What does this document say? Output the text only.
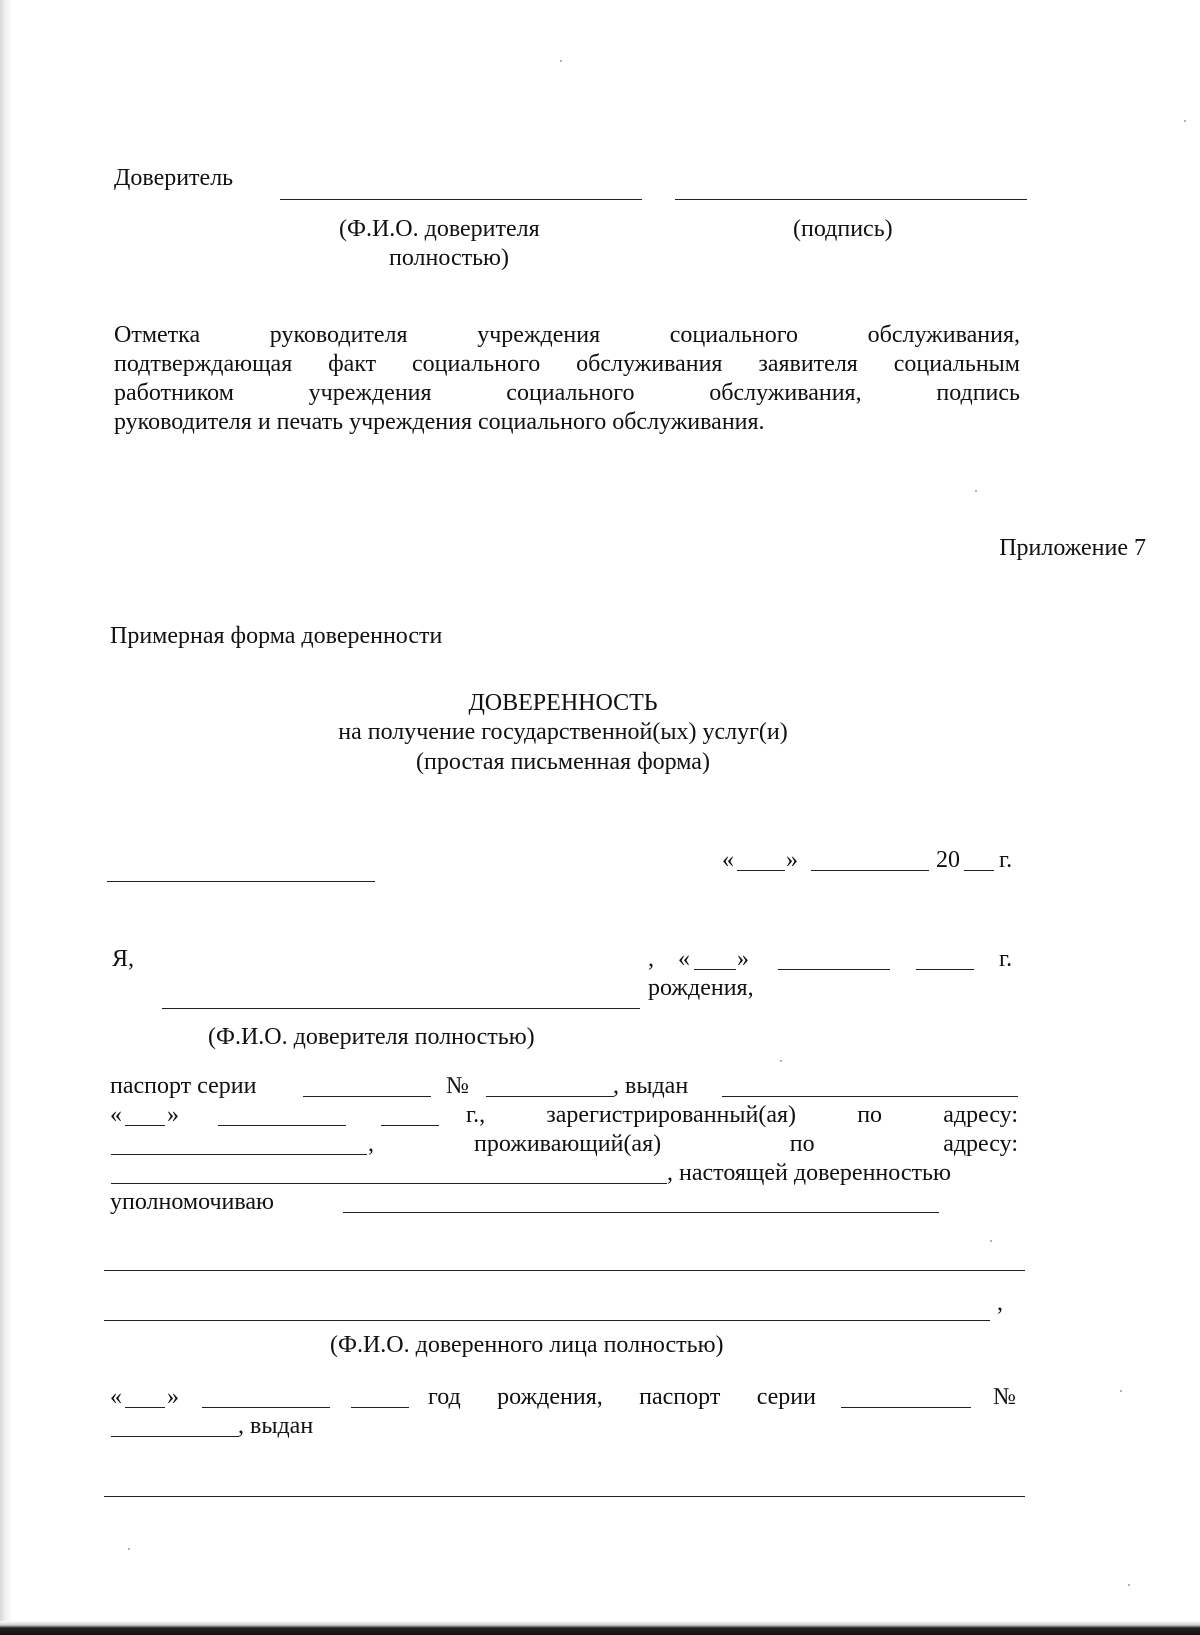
Доверитель
(Ф.И.О. доверителя
полностью)
(подпись)
Отметка руководителя учреждения социального обслуживания,
подтверждающая факт социального обслуживания заявителя социальным
работником учреждения социального обслуживания, подпись
руководителя и печать учреждения социального обслуживания.
Приложение 7
Примерная форма доверенности
ДОВЕРЕННОСТЬ
на получение государственной(ых) услуг(и)
(простая письменная форма)
« »	20 г.
Я,	, « »	г.
рождения,
(Ф.И.О. доверителя полностью)
паспорт серии	№	, выдан
« »	г., зарегистрированный(ая) по адресу:
,	проживающий(ая) по адресу:
, настоящей доверенностью
уполномочиваю
,
(Ф.И.О. доверенного лица полностью)
« »	год рождения, паспорт серии	№
, выдан
